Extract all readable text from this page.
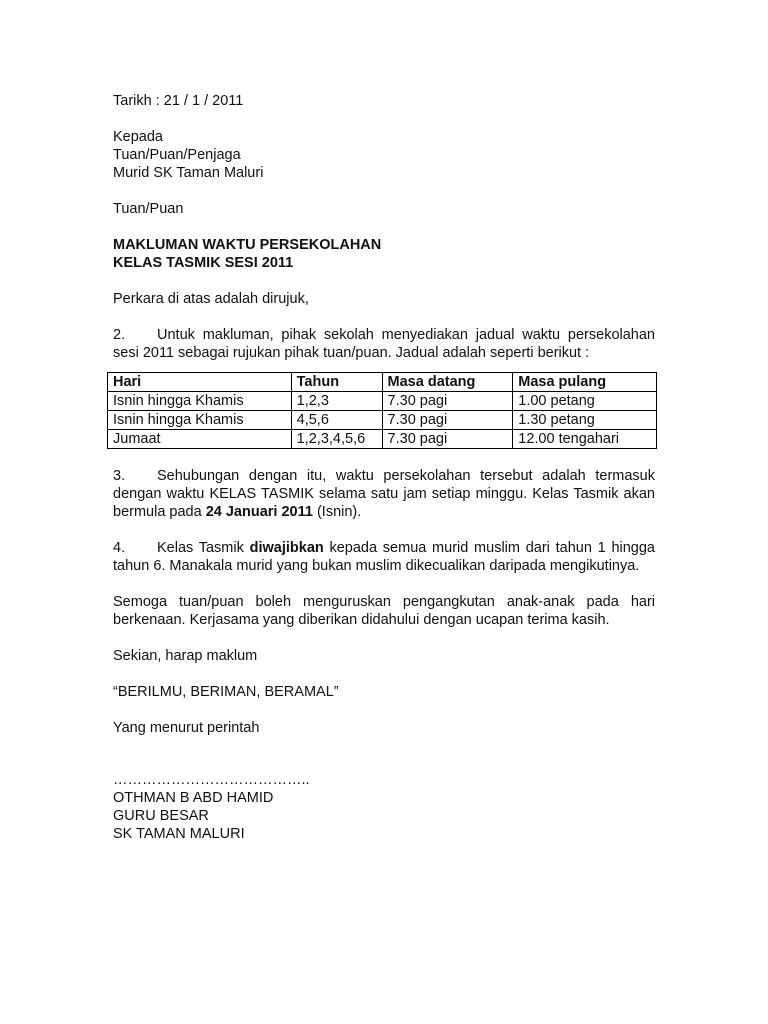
Tarikh : 21 / 1 / 2011
Kepada
Tuan/Puan/Penjaga
Murid SK Taman Maluri
Tuan/Puan
MAKLUMAN WAKTU PERSEKOLAHAN
KELAS TASMIK SESI 2011
Perkara di atas adalah dirujuk,
2. Untuk makluman, pihak sekolah menyediakan jadual waktu persekolahan sesi 2011 sebagai rujukan pihak tuan/puan. Jadual adalah seperti berikut :
Hari	Tahun	Masa datang	Masa pulang
Isnin hingga Khamis	1,2,3	7.30 pagi	1.00 petang
Isnin hingga Khamis	4,5,6	7.30 pagi	1.30 petang
Jumaat	1,2,3,4,5,6	7.30 pagi	12.00 tengahari
3. Sehubungan dengan itu, waktu persekolahan tersebut adalah termasuk dengan waktu KELAS TASMIK selama satu jam setiap minggu. Kelas Tasmik akan bermula pada 24 Januari 2011 (Isnin).
4. Kelas Tasmik diwajibkan kepada semua murid muslim dari tahun 1 hingga tahun 6. Manakala murid yang bukan muslim dikecualikan daripada mengikutinya.
Semoga tuan/puan boleh menguruskan pengangkutan anak-anak pada hari berkenaan. Kerjasama yang diberikan didahului dengan ucapan terima kasih.
Sekian, harap maklum
“BERILMU, BERIMAN, BERAMAL”
Yang menurut perintah
…………………………………..
OTHMAN B ABD HAMID
GURU BESAR
SK TAMAN MALURI
